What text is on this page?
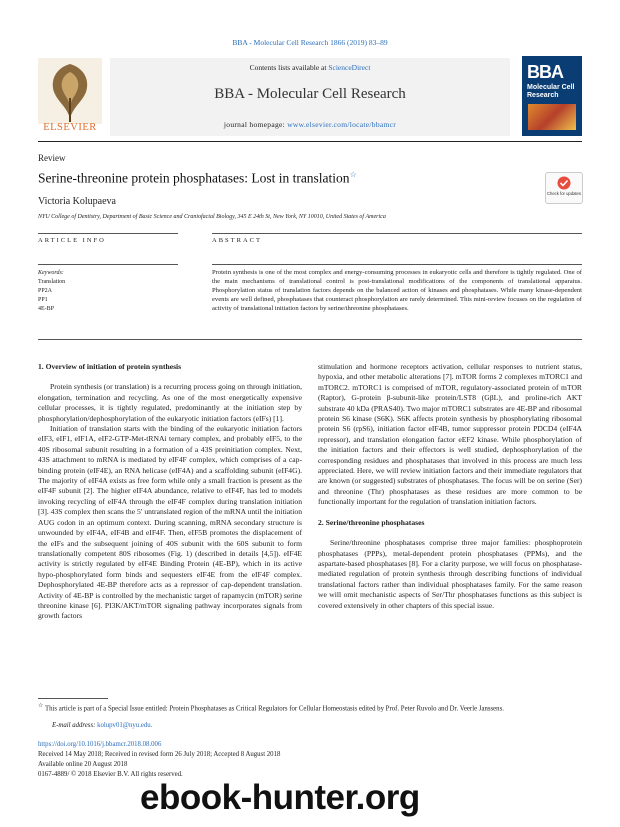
BBA - Molecular Cell Research 1866 (2019) 83–89
ELSEVIER
Contents lists available at ScienceDirect
BBA - Molecular Cell Research
journal homepage: www.elsevier.com/locate/bbamcr
BBA
Molecular Cell Research
Review
Serine-threonine protein phosphatases: Lost in translation☆
Check for updates
Victoria Kolupaeva
NYU College of Dentistry, Department of Basic Science and Craniofacial Biology, 345 E 24th St, New York, NY 10010, United States of America
ARTICLE INFO	ABSTRACT
Keywords:
Translation
PP2A
PP1
4E-BP
Protein synthesis is one of the most complex and energy-consuming processes in eukaryotic cells and therefore is tightly regulated. One of the main mechanisms of translational control is post-translational modifications of the components of translational apparatus. Phosphorylation status of translation factors depends on the balanced action of kinases and phosphatases. While many kinase-dependent events are well defined, phosphatases that counteract phosphorylation are rarely determined. This mini-review focuses on the regulation of activity of translational initiation factors by serine/threonine phosphatases.
1. Overview of initiation of protein synthesis

Protein synthesis (or translation) is a recurring process going on through initiation, elongation, termination and recycling. As one of the most energetically expensive cellular processes, it is tightly regulated, predominantly at the initiation step by phosphorylation/dephosphorylation of the eukaryotic initiation factors (eIFs) [1].

Initiation of translation starts with the binding of the eukaryotic initiation factors eIF3, eIF1, eIF1A, eIF2-GTP-Met-tRNAi ternary complex, and probably eIF5, to the 40S ribosomal subunit resulting in a formation of a 43S preinitiation complex. Next, 43S attachment to mRNA is mediated by eIF4F complex, which comprises of a cap-binding protein (eIF4E), an RNA helicase (eIF4A) and a scaffolding subunit (eIF4G). The majority of eIF4A exists as free form while only a small fraction is present as the eIF4F subunit [2]. The higher eIF4A abundance, relative to eIF4F, has led to models invoking recycling of eIF4A through the eIF4F complex during translation initiation [3]. 43S complex then scans the 5′ untranslated region of the mRNA until the initiation AUG codon in an optimum context. During scanning, mRNA secondary structure is unwounded by eIF4A, eIF4B and eIF4F. Then, eIF5B promotes the displacement of the eIFs and the subsequent joining of 40S subunit with the 60S subunit to form translationally competent 80S ribosomes (Fig. 1) (described in details [4,5]). eIF4E activity is strictly regulated by eIF4E Binding Protein (4E-BP), which in its active hypo-phosphorylated form binds and sequesters eIF4E from the eIF4F complex. Dephosphorylated 4E-BP therefore acts as a repressor of cap-dependent translation. Activity of 4E-BP is controlled by the mechanistic target of rapamycin (mTOR) serine threonine kinase [6]. PI3K/AKT/mTOR signaling pathway incorporates signals from growth factors

stimulation and hormone receptors activation, cellular responses to nutrient status, hypoxia, and other metabolic alterations [7]. mTOR forms 2 complexes mTORC1 and mTORC2. mTORC1 is comprised of mTOR, regulatory-associated protein of mTOR (Raptor), G-protein β-subunit-like protein/LST8 (GβL), and proline-rich AKT substrate 40 kDa (PRAS40). Two major mTORC1 substrates are 4E-BP and ribosomal protein S6 kinase (S6K). S6K affects protein synthesis by phosphorylating ribosomal protein S6 (rpS6), initiation factor eIF4B, tumor suppressor protein PDCD4 (eIF4A repressor), and translation elongation factor eEF2 kinase. While phosphorylation of the initiation factors and their effectors is well studied, dephosphorylation of the corresponding residues and phosphatases that involved in this process are much less appreciated. Here, we will review initiation factors and their immediate regulators that are known (or suggested) substrates of phosphatases. The focus will be on serine (Ser) and threonine (Thr) phosphatases as these residues are more common to be functionally important for the regulation of translation initiation factors.

2. Serine/threonine phosphatases

Serine/threonine phosphatases comprise three major families: phosphoprotein phosphatases (PPPs), metal-dependent protein phosphatases (PPMs), and the aspartate-based phosphatases [8]. For a clarity purpose, we will focus on phosphatase-mediated regulation of protein synthesis through describing functions of individual translational factors rather than individual phosphatases family. For the same reason we will omit mechanistic aspects of Ser/Thr phosphatases functions as this subject is covered extensively in other chapters of this special issue.

☆ This article is part of a Special Issue entitled: Protein Phosphatases as Critical Regulators for Cellular Homeostasis edited by Prof. Peter Ruvolo and Dr. Veerle Janssens.
E-mail address: kolupv01@nyu.edu.
https://doi.org/10.1016/j.bbamcr.2018.08.006
Received 14 May 2018; Received in revised form 26 July 2018; Accepted 8 August 2018
Available online 20 August 2018
0167-4889/ © 2018 Elsevier B.V. All rights reserved.
ebook-hunter.org
